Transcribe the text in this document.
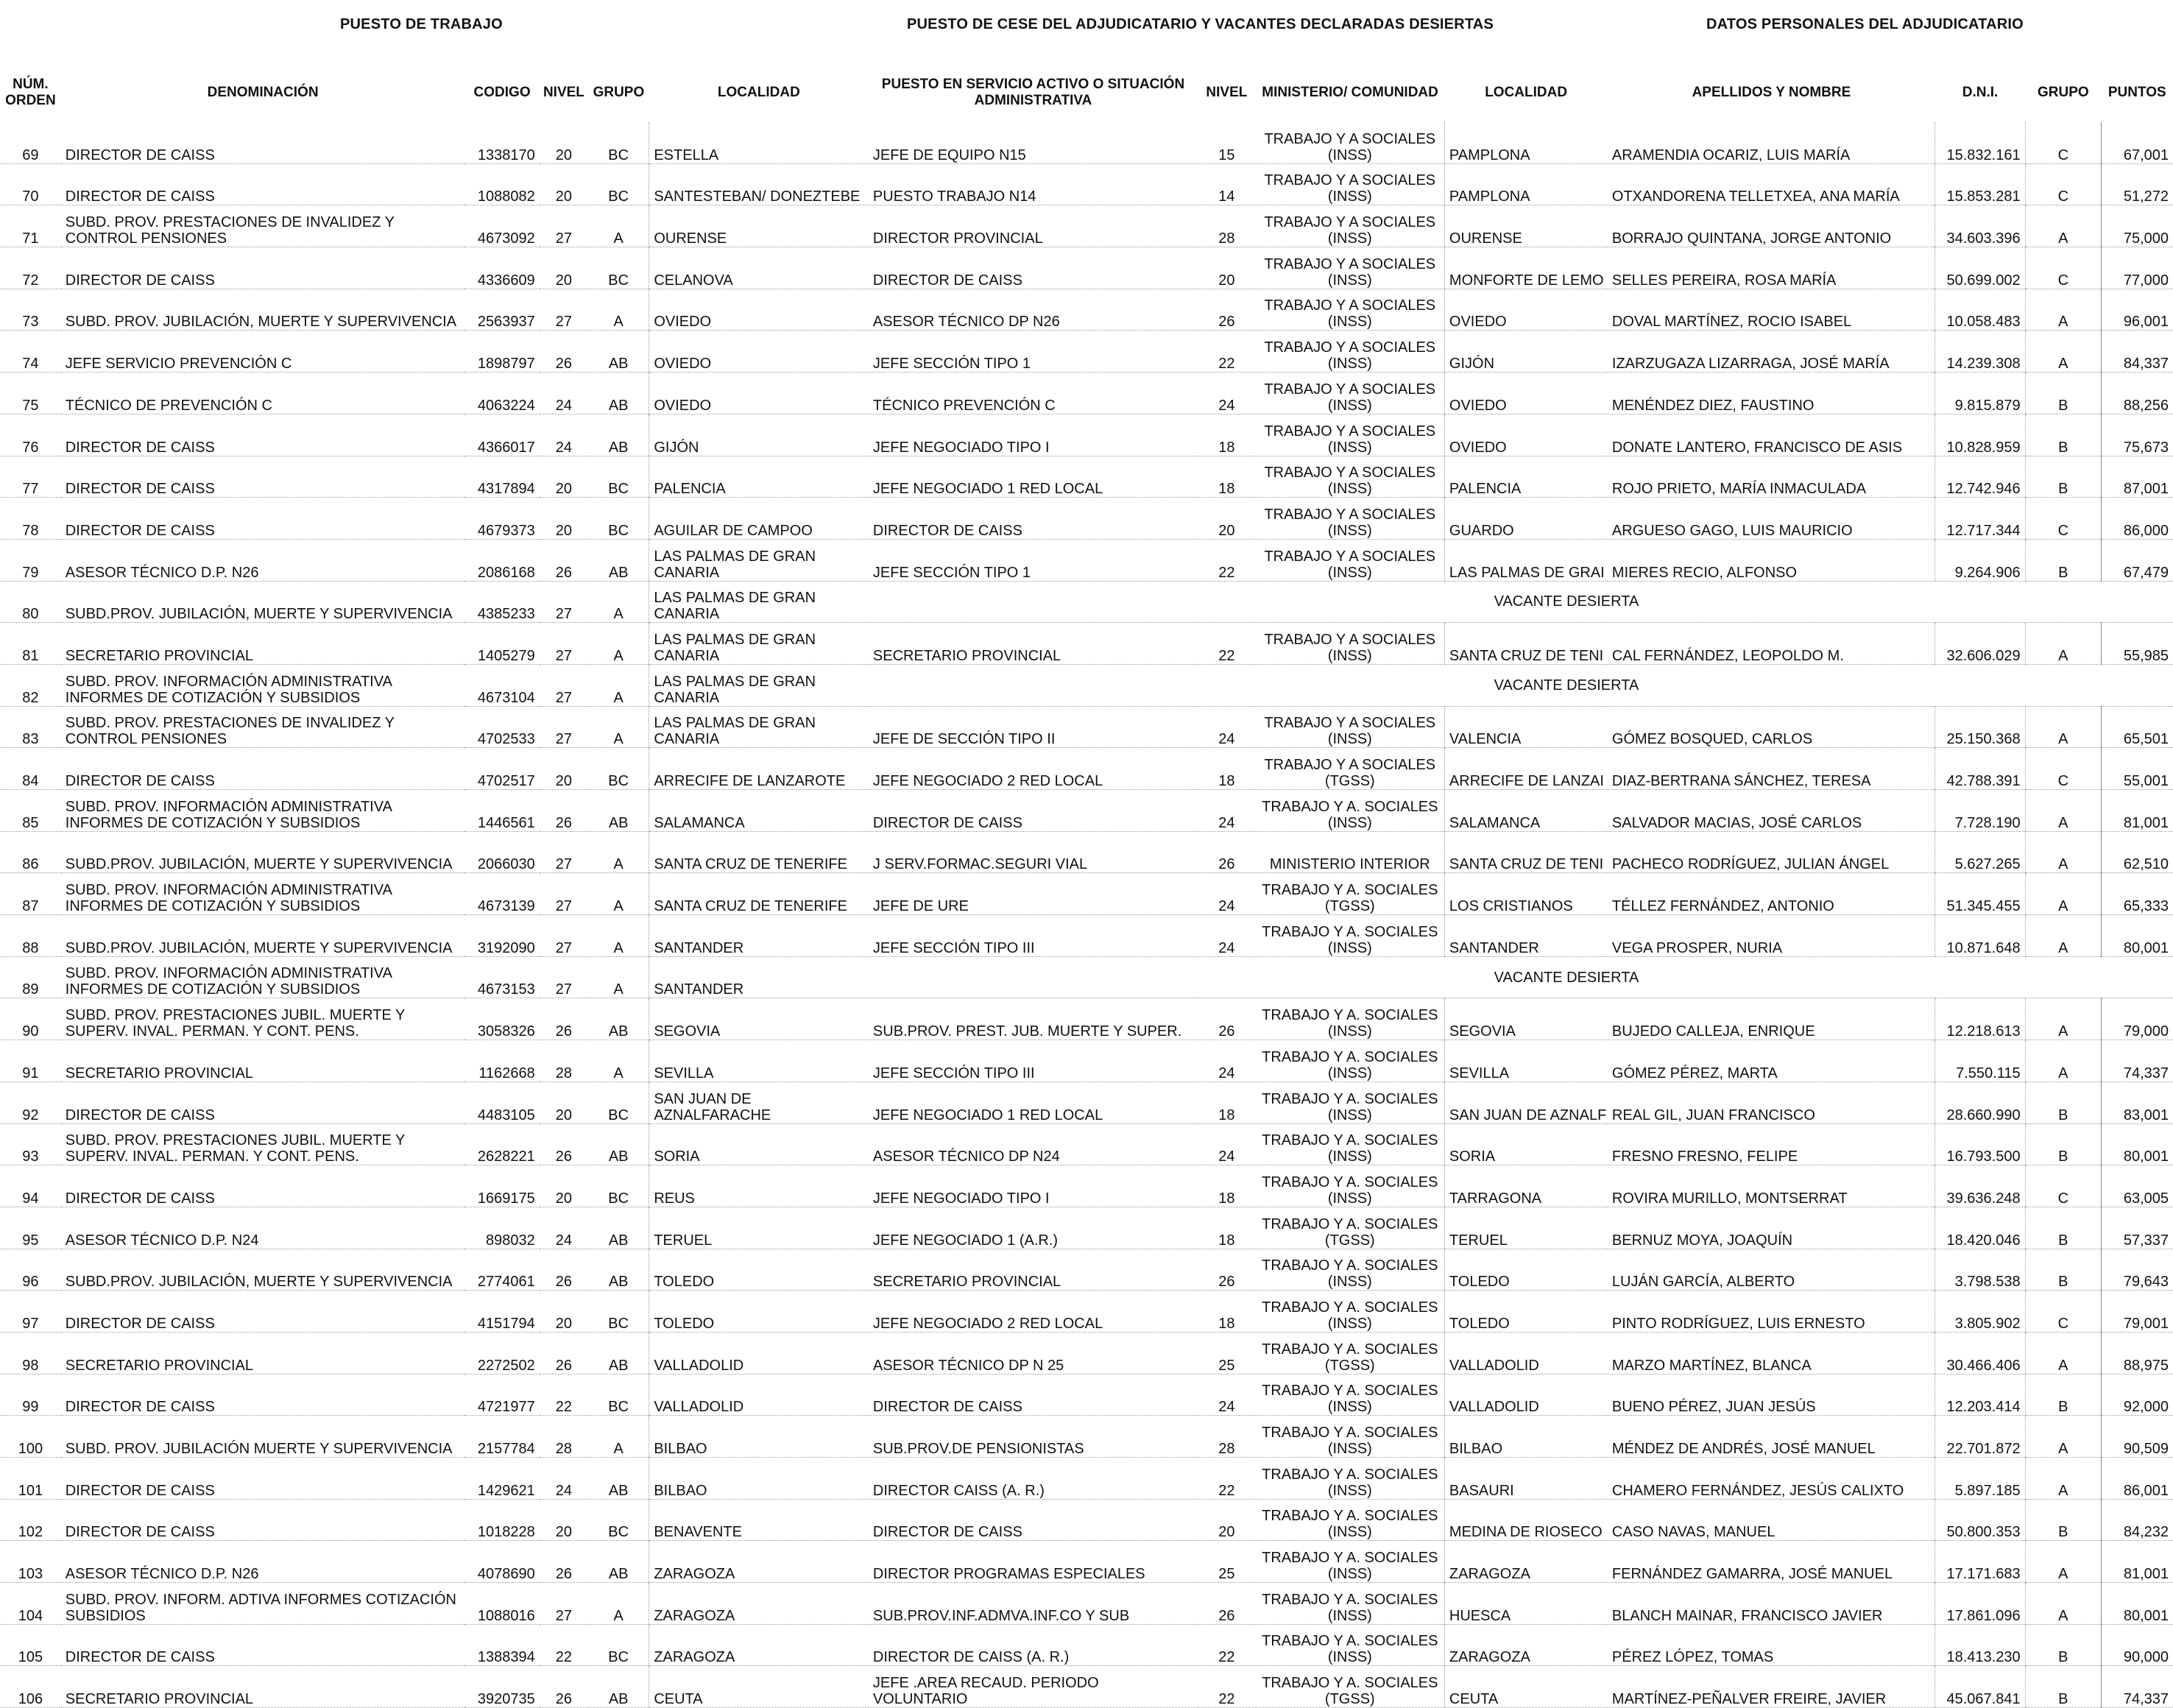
PUESTO DE TRABAJO	PUESTO DE CESE DEL ADJUDICATARIO Y VACANTES DECLARADAS DESIERTAS	DATOS PERSONALES DEL ADJUDICATARIO
NÚM. ORDEN	DENOMINACIÓN	CODIGO	NIVEL	GRUPO	LOCALIDAD	PUESTO EN SERVICIO ACTIVO O SITUACIÓN ADMINISTRATIVA	NIVEL	MINISTERIO/ COMUNIDAD	LOCALIDAD	APELLIDOS Y NOMBRE	D.N.I.	GRUPO	PUNTOS
69	DIRECTOR DE CAISS	1338170	20	BC	ESTELLA	JEFE DE EQUIPO N15	15	TRABAJO Y A SOCIALES (INSS)	PAMPLONA	ARAMENDIA OCARIZ, LUIS MARÍA	15.832.161	C	67,001
70	DIRECTOR DE CAISS	1088082	20	BC	SANTESTEBAN/ DONEZTEBE	PUESTO TRABAJO N14	14	TRABAJO Y A SOCIALES (INSS)	PAMPLONA	OTXANDORENA TELLETXEA, ANA MARÍA	15.853.281	C	51,272
71	SUBD. PROV. PRESTACIONES DE INVALIDEZ Y CONTROL PENSIONES	4673092	27	A	OURENSE	DIRECTOR PROVINCIAL	28	TRABAJO Y A SOCIALES (INSS)	OURENSE	BORRAJO QUINTANA, JORGE ANTONIO	34.603.396	A	75,000
72	DIRECTOR DE CAISS	4336609	20	BC	CELANOVA	DIRECTOR DE CAISS	20	TRABAJO Y A SOCIALES (INSS)	MONFORTE DE LEMO	SELLES PEREIRA, ROSA MARÍA	50.699.002	C	77,000
73	SUBD. PROV. JUBILACIÓN, MUERTE Y SUPERVIVENCIA	2563937	27	A	OVIEDO	ASESOR TÉCNICO DP N26	26	TRABAJO Y A SOCIALES (INSS)	OVIEDO	DOVAL MARTÍNEZ, ROCIO ISABEL	10.058.483	A	96,001
74	JEFE SERVICIO PREVENCIÓN C	1898797	26	AB	OVIEDO	JEFE SECCIÓN TIPO 1	22	TRABAJO Y A SOCIALES (INSS)	GIJÓN	IZARZUGAZA LIZARRAGA, JOSÉ MARÍA	14.239.308	A	84,337
75	TÉCNICO DE PREVENCIÓN C	4063224	24	AB	OVIEDO	TÉCNICO PREVENCIÓN C	24	TRABAJO Y A SOCIALES (INSS)	OVIEDO	MENÉNDEZ DIEZ, FAUSTINO	9.815.879	B	88,256
76	DIRECTOR DE CAISS	4366017	24	AB	GIJÓN	JEFE NEGOCIADO TIPO I	18	TRABAJO Y A SOCIALES (INSS)	OVIEDO	DONATE LANTERO, FRANCISCO DE ASIS	10.828.959	B	75,673
77	DIRECTOR DE CAISS	4317894	20	BC	PALENCIA	JEFE NEGOCIADO 1 RED LOCAL	18	TRABAJO Y A SOCIALES (INSS)	PALENCIA	ROJO PRIETO, MARÍA INMACULADA	12.742.946	B	87,001
78	DIRECTOR DE CAISS	4679373	20	BC	AGUILAR DE CAMPOO	DIRECTOR DE CAISS	20	TRABAJO Y A SOCIALES (INSS)	GUARDO	ARGUESO GAGO, LUIS MAURICIO	12.717.344	C	86,000
79	ASESOR TÉCNICO D.P. N26	2086168	26	AB	LAS PALMAS DE GRAN CANARIA	JEFE SECCIÓN TIPO 1	22	TRABAJO Y A SOCIALES (INSS)	LAS PALMAS DE GRAI	MIERES RECIO, ALFONSO	9.264.906	B	67,479
80	SUBD.PROV. JUBILACIÓN, MUERTE Y SUPERVIVENCIA	4385233	27	A	LAS PALMAS DE GRAN CANARIA	VACANTE DESIERTA							
81	SECRETARIO PROVINCIAL	1405279	27	A	LAS PALMAS DE GRAN CANARIA	SECRETARIO PROVINCIAL	22	TRABAJO Y A SOCIALES (INSS)	SANTA CRUZ DE TENI	CAL FERNÁNDEZ, LEOPOLDO M.	32.606.029	A	55,985
82	SUBD. PROV. INFORMACIÓN ADMINISTRATIVA INFORMES DE COTIZACIÓN Y SUBSIDIOS	4673104	27	A	LAS PALMAS DE GRAN CANARIA	VACANTE DESIERTA							
83	SUBD. PROV. PRESTACIONES DE INVALIDEZ Y CONTROL PENSIONES	4702533	27	A	LAS PALMAS DE GRAN CANARIA	JEFE DE SECCIÓN TIPO II	24	TRABAJO Y A SOCIALES (INSS)	VALENCIA	GÓMEZ BOSQUED, CARLOS	25.150.368	A	65,501
84	DIRECTOR DE CAISS	4702517	20	BC	ARRECIFE DE LANZAROTE	JEFE NEGOCIADO 2 RED LOCAL	18	TRABAJO Y A SOCIALES (TGSS)	ARRECIFE DE LANZAI	DIAZ-BERTRANA SÁNCHEZ, TERESA	42.788.391	C	55,001
85	SUBD. PROV. INFORMACIÓN ADMINISTRATIVA INFORMES DE COTIZACIÓN Y SUBSIDIOS	1446561	26	AB	SALAMANCA	DIRECTOR DE CAISS	24	TRABAJO Y A. SOCIALES (INSS)	SALAMANCA	SALVADOR MACIAS, JOSÉ CARLOS	7.728.190	A	81,001
86	SUBD.PROV. JUBILACIÓN, MUERTE Y SUPERVIVENCIA	2066030	27	A	SANTA CRUZ DE TENERIFE	J SERV.FORMAC.SEGURI VIAL	26	MINISTERIO INTERIOR	SANTA CRUZ DE TENI	PACHECO RODRÍGUEZ, JULIAN ÁNGEL	5.627.265	A	62,510
87	SUBD. PROV. INFORMACIÓN ADMINISTRATIVA INFORMES DE COTIZACIÓN Y SUBSIDIOS	4673139	27	A	SANTA CRUZ DE TENERIFE	JEFE DE URE	24	TRABAJO Y A. SOCIALES (TGSS)	LOS CRISTIANOS	TÉLLEZ FERNÁNDEZ, ANTONIO	51.345.455	A	65,333
88	SUBD.PROV. JUBILACIÓN, MUERTE Y SUPERVIVENCIA	3192090	27	A	SANTANDER	JEFE SECCIÓN TIPO III	24	TRABAJO Y A. SOCIALES (INSS)	SANTANDER	VEGA PROSPER, NURIA	10.871.648	A	80,001
89	SUBD. PROV. INFORMACIÓN ADMINISTRATIVA INFORMES DE COTIZACIÓN Y SUBSIDIOS	4673153	27	A	SANTANDER	VACANTE DESIERTA							
90	SUBD. PROV. PRESTACIONES JUBIL. MUERTE Y SUPERV. INVAL. PERMAN. Y CONT. PENS.	3058326	26	AB	SEGOVIA	SUB.PROV. PREST. JUB. MUERTE Y SUPER.	26	TRABAJO Y A. SOCIALES (INSS)	SEGOVIA	BUJEDO CALLEJA, ENRIQUE	12.218.613	A	79,000
91	SECRETARIO PROVINCIAL	1162668	28	A	SEVILLA	JEFE SECCIÓN TIPO III	24	TRABAJO Y A. SOCIALES (INSS)	SEVILLA	GÓMEZ PÉREZ, MARTA	7.550.115	A	74,337
92	DIRECTOR DE CAISS	4483105	20	BC	SAN JUAN DE AZNALFARACHE	JEFE NEGOCIADO 1 RED LOCAL	18	TRABAJO Y A. SOCIALES (INSS)	SAN JUAN DE AZNALF	REAL GIL, JUAN FRANCISCO	28.660.990	B	83,001
93	SUBD. PROV. PRESTACIONES JUBIL. MUERTE Y SUPERV. INVAL. PERMAN. Y CONT. PENS.	2628221	26	AB	SORIA	ASESOR TÉCNICO DP N24	24	TRABAJO Y A. SOCIALES (INSS)	SORIA	FRESNO FRESNO, FELIPE	16.793.500	B	80,001
94	DIRECTOR DE CAISS	1669175	20	BC	REUS	JEFE NEGOCIADO TIPO I	18	TRABAJO Y A. SOCIALES (INSS)	TARRAGONA	ROVIRA MURILLO, MONTSERRAT	39.636.248	C	63,005
95	ASESOR TÉCNICO D.P. N24	898032	24	AB	TERUEL	JEFE NEGOCIADO 1 (A.R.)	18	TRABAJO Y A. SOCIALES (TGSS)	TERUEL	BERNUZ MOYA, JOAQUÍN	18.420.046	B	57,337
96	SUBD.PROV. JUBILACIÓN, MUERTE Y SUPERVIVENCIA	2774061	26	AB	TOLEDO	SECRETARIO PROVINCIAL	26	TRABAJO Y A. SOCIALES (INSS)	TOLEDO	LUJÁN GARCÍA, ALBERTO	3.798.538	B	79,643
97	DIRECTOR DE CAISS	4151794	20	BC	TOLEDO	JEFE NEGOCIADO 2 RED LOCAL	18	TRABAJO Y A. SOCIALES (INSS)	TOLEDO	PINTO RODRÍGUEZ, LUIS ERNESTO	3.805.902	C	79,001
98	SECRETARIO PROVINCIAL	2272502	26	AB	VALLADOLID	ASESOR TÉCNICO DP N 25	25	TRABAJO Y A. SOCIALES (TGSS)	VALLADOLID	MARZO MARTÍNEZ, BLANCA	30.466.406	A	88,975
99	DIRECTOR DE CAISS	4721977	22	BC	VALLADOLID	DIRECTOR DE CAISS	24	TRABAJO Y A. SOCIALES (INSS)	VALLADOLID	BUENO PÉREZ, JUAN JESÚS	12.203.414	B	92,000
100	SUBD. PROV. JUBILACIÓN MUERTE Y SUPERVIVENCIA	2157784	28	A	BILBAO	SUB.PROV.DE PENSIONISTAS	28	TRABAJO Y A. SOCIALES (INSS)	BILBAO	MÉNDEZ DE ANDRÉS, JOSÉ MANUEL	22.701.872	A	90,509
101	DIRECTOR DE CAISS	1429621	24	AB	BILBAO	DIRECTOR CAISS (A. R.)	22	TRABAJO Y A. SOCIALES (INSS)	BASAURI	CHAMERO FERNÁNDEZ, JESÚS CALIXTO	5.897.185	A	86,001
102	DIRECTOR DE CAISS	1018228	20	BC	BENAVENTE	DIRECTOR DE CAISS	20	TRABAJO Y A. SOCIALES (INSS)	MEDINA DE RIOSECO	CASO NAVAS, MANUEL	50.800.353	B	84,232
103	ASESOR TÉCNICO D.P. N26	4078690	26	AB	ZARAGOZA	DIRECTOR PROGRAMAS ESPECIALES	25	TRABAJO Y A. SOCIALES (INSS)	ZARAGOZA	FERNÁNDEZ GAMARRA, JOSÉ MANUEL	17.171.683	A	81,001
104	SUBD. PROV. INFORM. ADTIVA INFORMES COTIZACIÓN SUBSIDIOS	1088016	27	A	ZARAGOZA	SUB.PROV.INF.ADMVA.INF.CO Y SUB	26	TRABAJO Y A. SOCIALES (INSS)	HUESCA	BLANCH MAINAR, FRANCISCO JAVIER	17.861.096	A	80,001
105	DIRECTOR DE CAISS	1388394	22	BC	ZARAGOZA	DIRECTOR DE CAISS (A. R.)	22	TRABAJO Y A. SOCIALES (INSS)	ZARAGOZA	PÉREZ LÓPEZ, TOMAS	18.413.230	B	90,000
106	SECRETARIO PROVINCIAL	3920735	26	AB	CEUTA	JEFE .AREA RECAUD. PERIODO VOLUNTARIO	22	TRABAJO Y A. SOCIALES (TGSS)	CEUTA	MARTÍNEZ-PEÑALVER FREIRE, JAVIER	45.067.841	B	74,337
